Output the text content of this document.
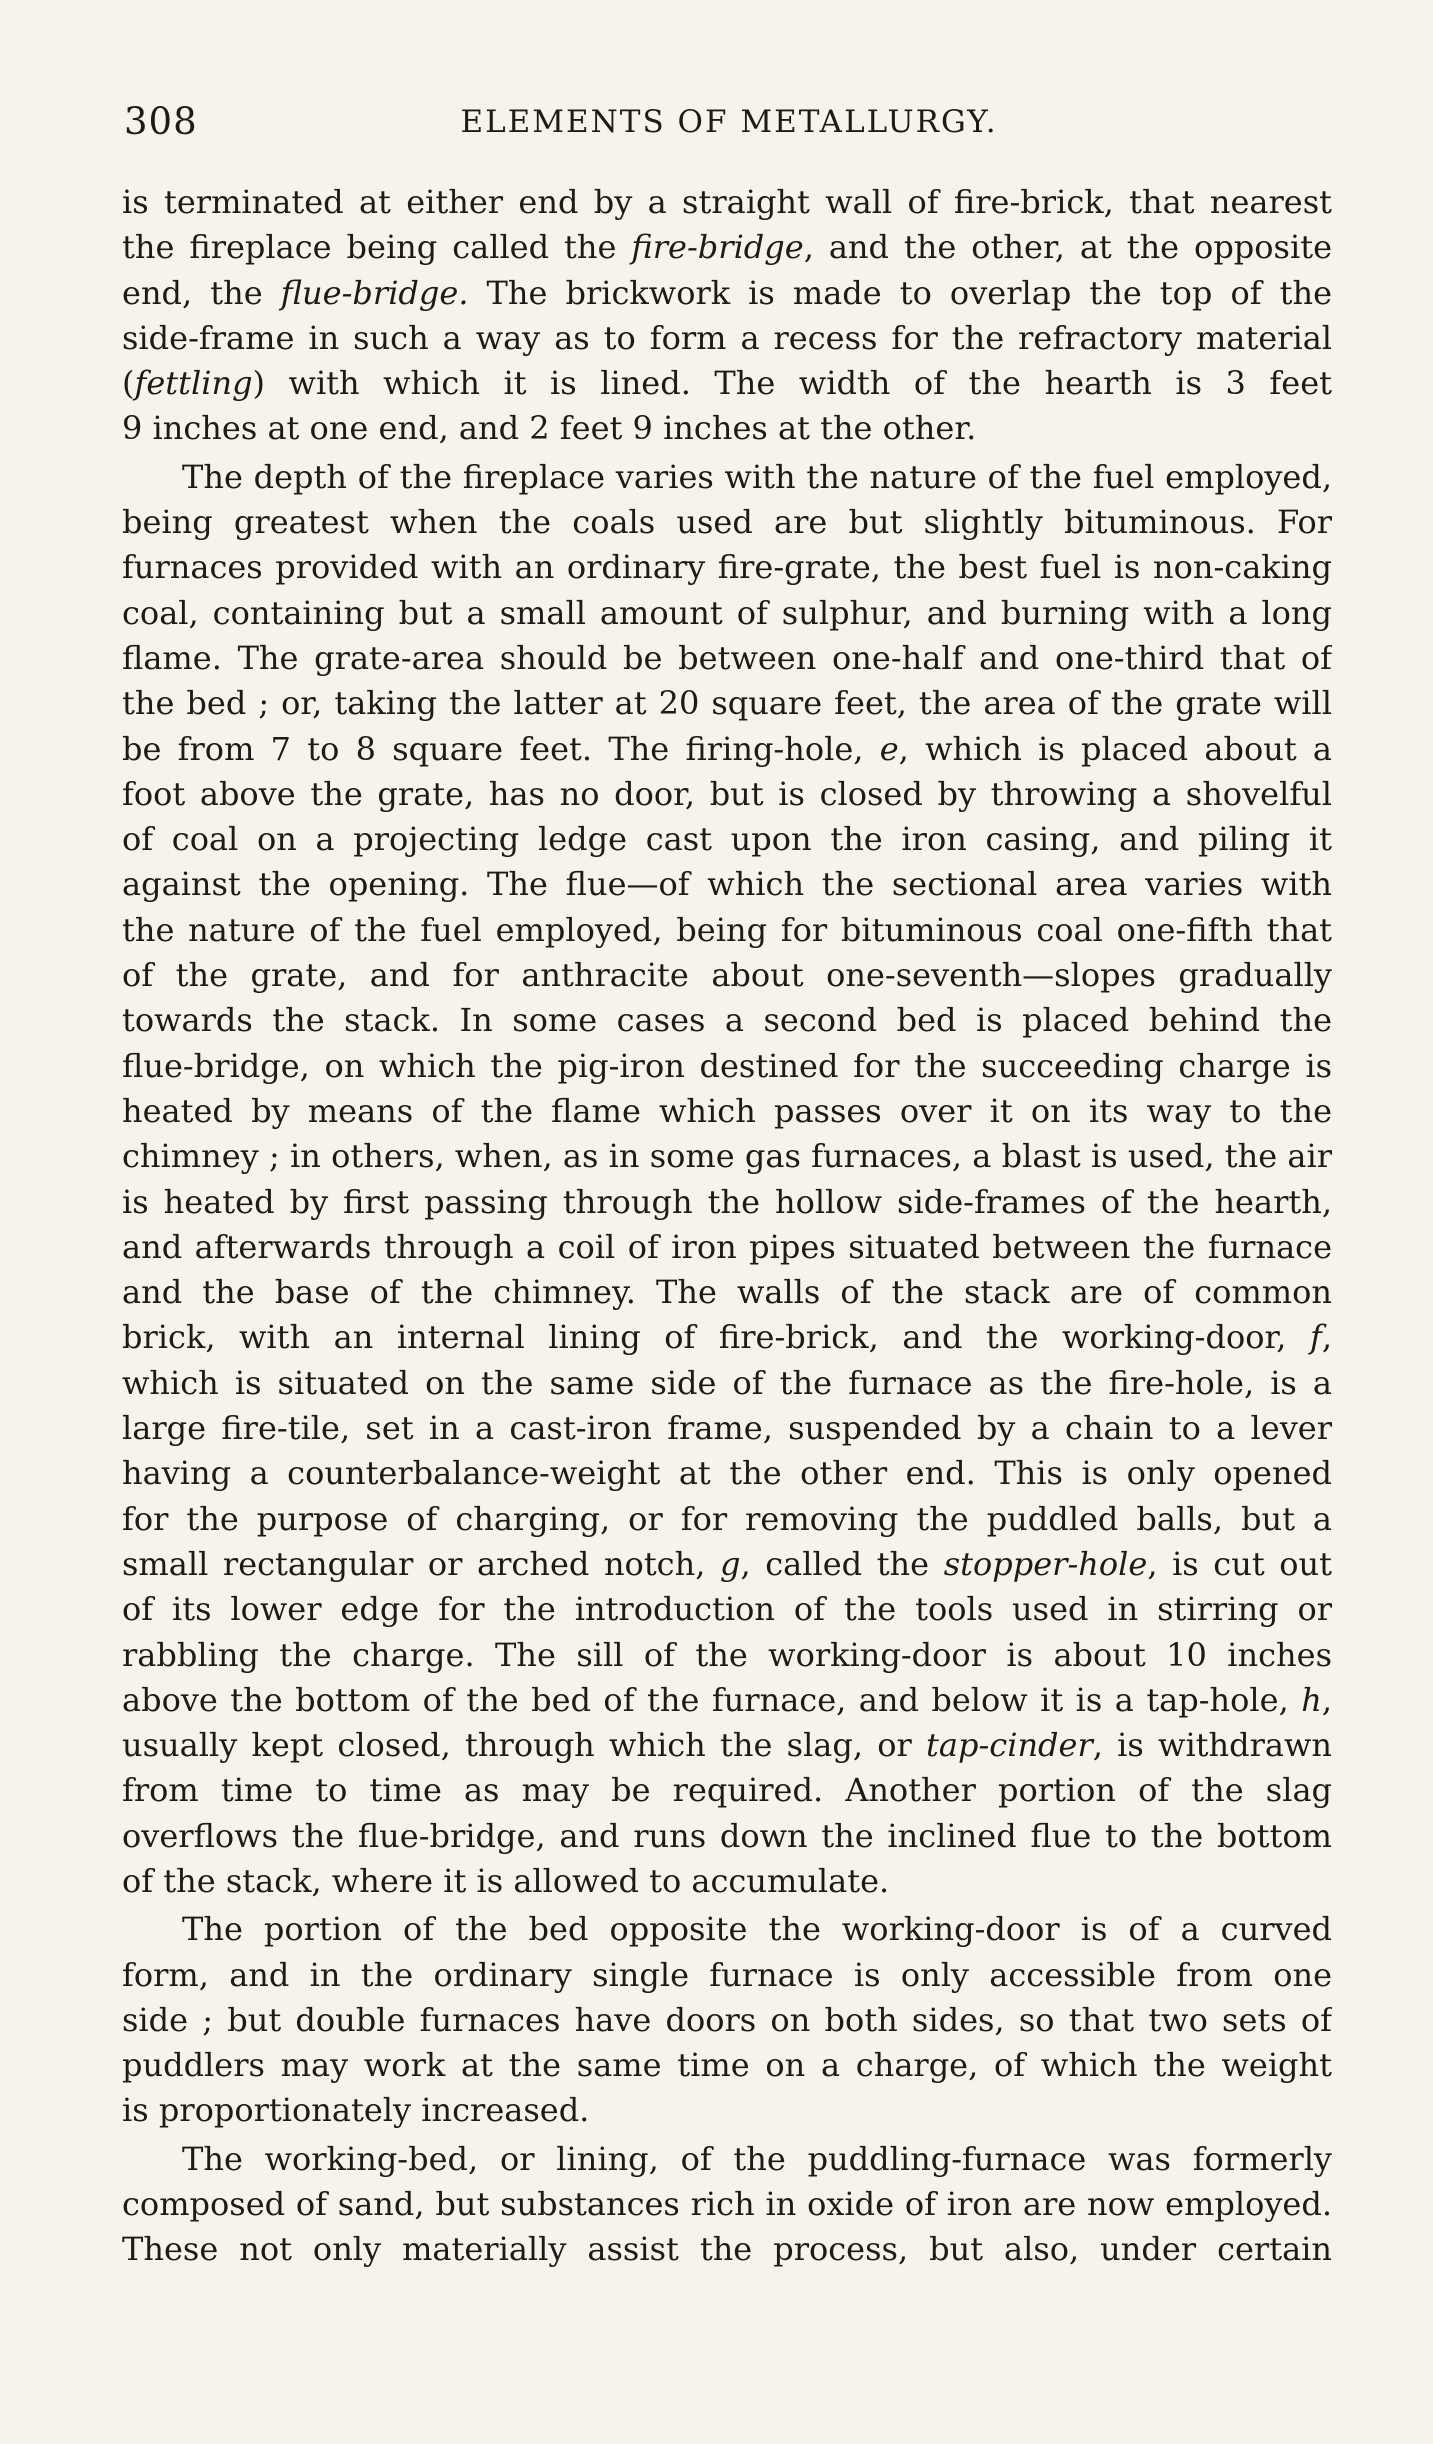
308	ELEMENTS OF METALLURGY.
is terminated at either end by a straight wall of fire-brick, that nearest
the fireplace being called the fire-bridge, and the other, at the opposite
end, the flue-bridge. The brickwork is made to overlap the top of the
side-frame in such a way as to form a recess for the refractory material
(fettling) with which it is lined. The width of the hearth is 3 feet
9 inches at one end, and 2 feet 9 inches at the other.
The depth of the fireplace varies with the nature of the fuel employed,
being greatest when the coals used are but slightly bituminous. For
furnaces provided with an ordinary fire-grate, the best fuel is non-caking
coal, containing but a small amount of sulphur, and burning with a long
flame. The grate-area should be between one-half and one-third that of
the bed ; or, taking the latter at 20 square feet, the area of the grate will
be from 7 to 8 square feet. The firing-hole, e, which is placed about a
foot above the grate, has no door, but is closed by throwing a shovelful
of coal on a projecting ledge cast upon the iron casing, and piling it
against the opening. The flue—of which the sectional area varies with
the nature of the fuel employed, being for bituminous coal one-fifth that
of the grate, and for anthracite about one-seventh—slopes gradually
towards the stack. In some cases a second bed is placed behind the
flue-bridge, on which the pig-iron destined for the succeeding charge is
heated by means of the flame which passes over it on its way to the
chimney ; in others, when, as in some gas furnaces, a blast is used, the air
is heated by first passing through the hollow side-frames of the hearth,
and afterwards through a coil of iron pipes situated between the furnace
and the base of the chimney. The walls of the stack are of common
brick, with an internal lining of fire-brick, and the working-door, f,
which is situated on the same side of the furnace as the fire-hole, is a
large fire-tile, set in a cast-iron frame, suspended by a chain to a lever
having a counterbalance-weight at the other end. This is only opened
for the purpose of charging, or for removing the puddled balls, but a
small rectangular or arched notch, g, called the stopper-hole, is cut out
of its lower edge for the introduction of the tools used in stirring or
rabbling the charge. The sill of the working-door is about 10 inches
above the bottom of the bed of the furnace, and below it is a tap-hole, h,
usually kept closed, through which the slag, or tap-cinder, is withdrawn
from time to time as may be required. Another portion of the slag
overflows the flue-bridge, and runs down the inclined flue to the bottom
of the stack, where it is allowed to accumulate.
The portion of the bed opposite the working-door is of a curved
form, and in the ordinary single furnace is only accessible from one
side ; but double furnaces have doors on both sides, so that two sets of
puddlers may work at the same time on a charge, of which the weight
is proportionately increased.
The working-bed, or lining, of the puddling-furnace was formerly
composed of sand, but substances rich in oxide of iron are now employed.
These not only materially assist the process, but also, under certain
